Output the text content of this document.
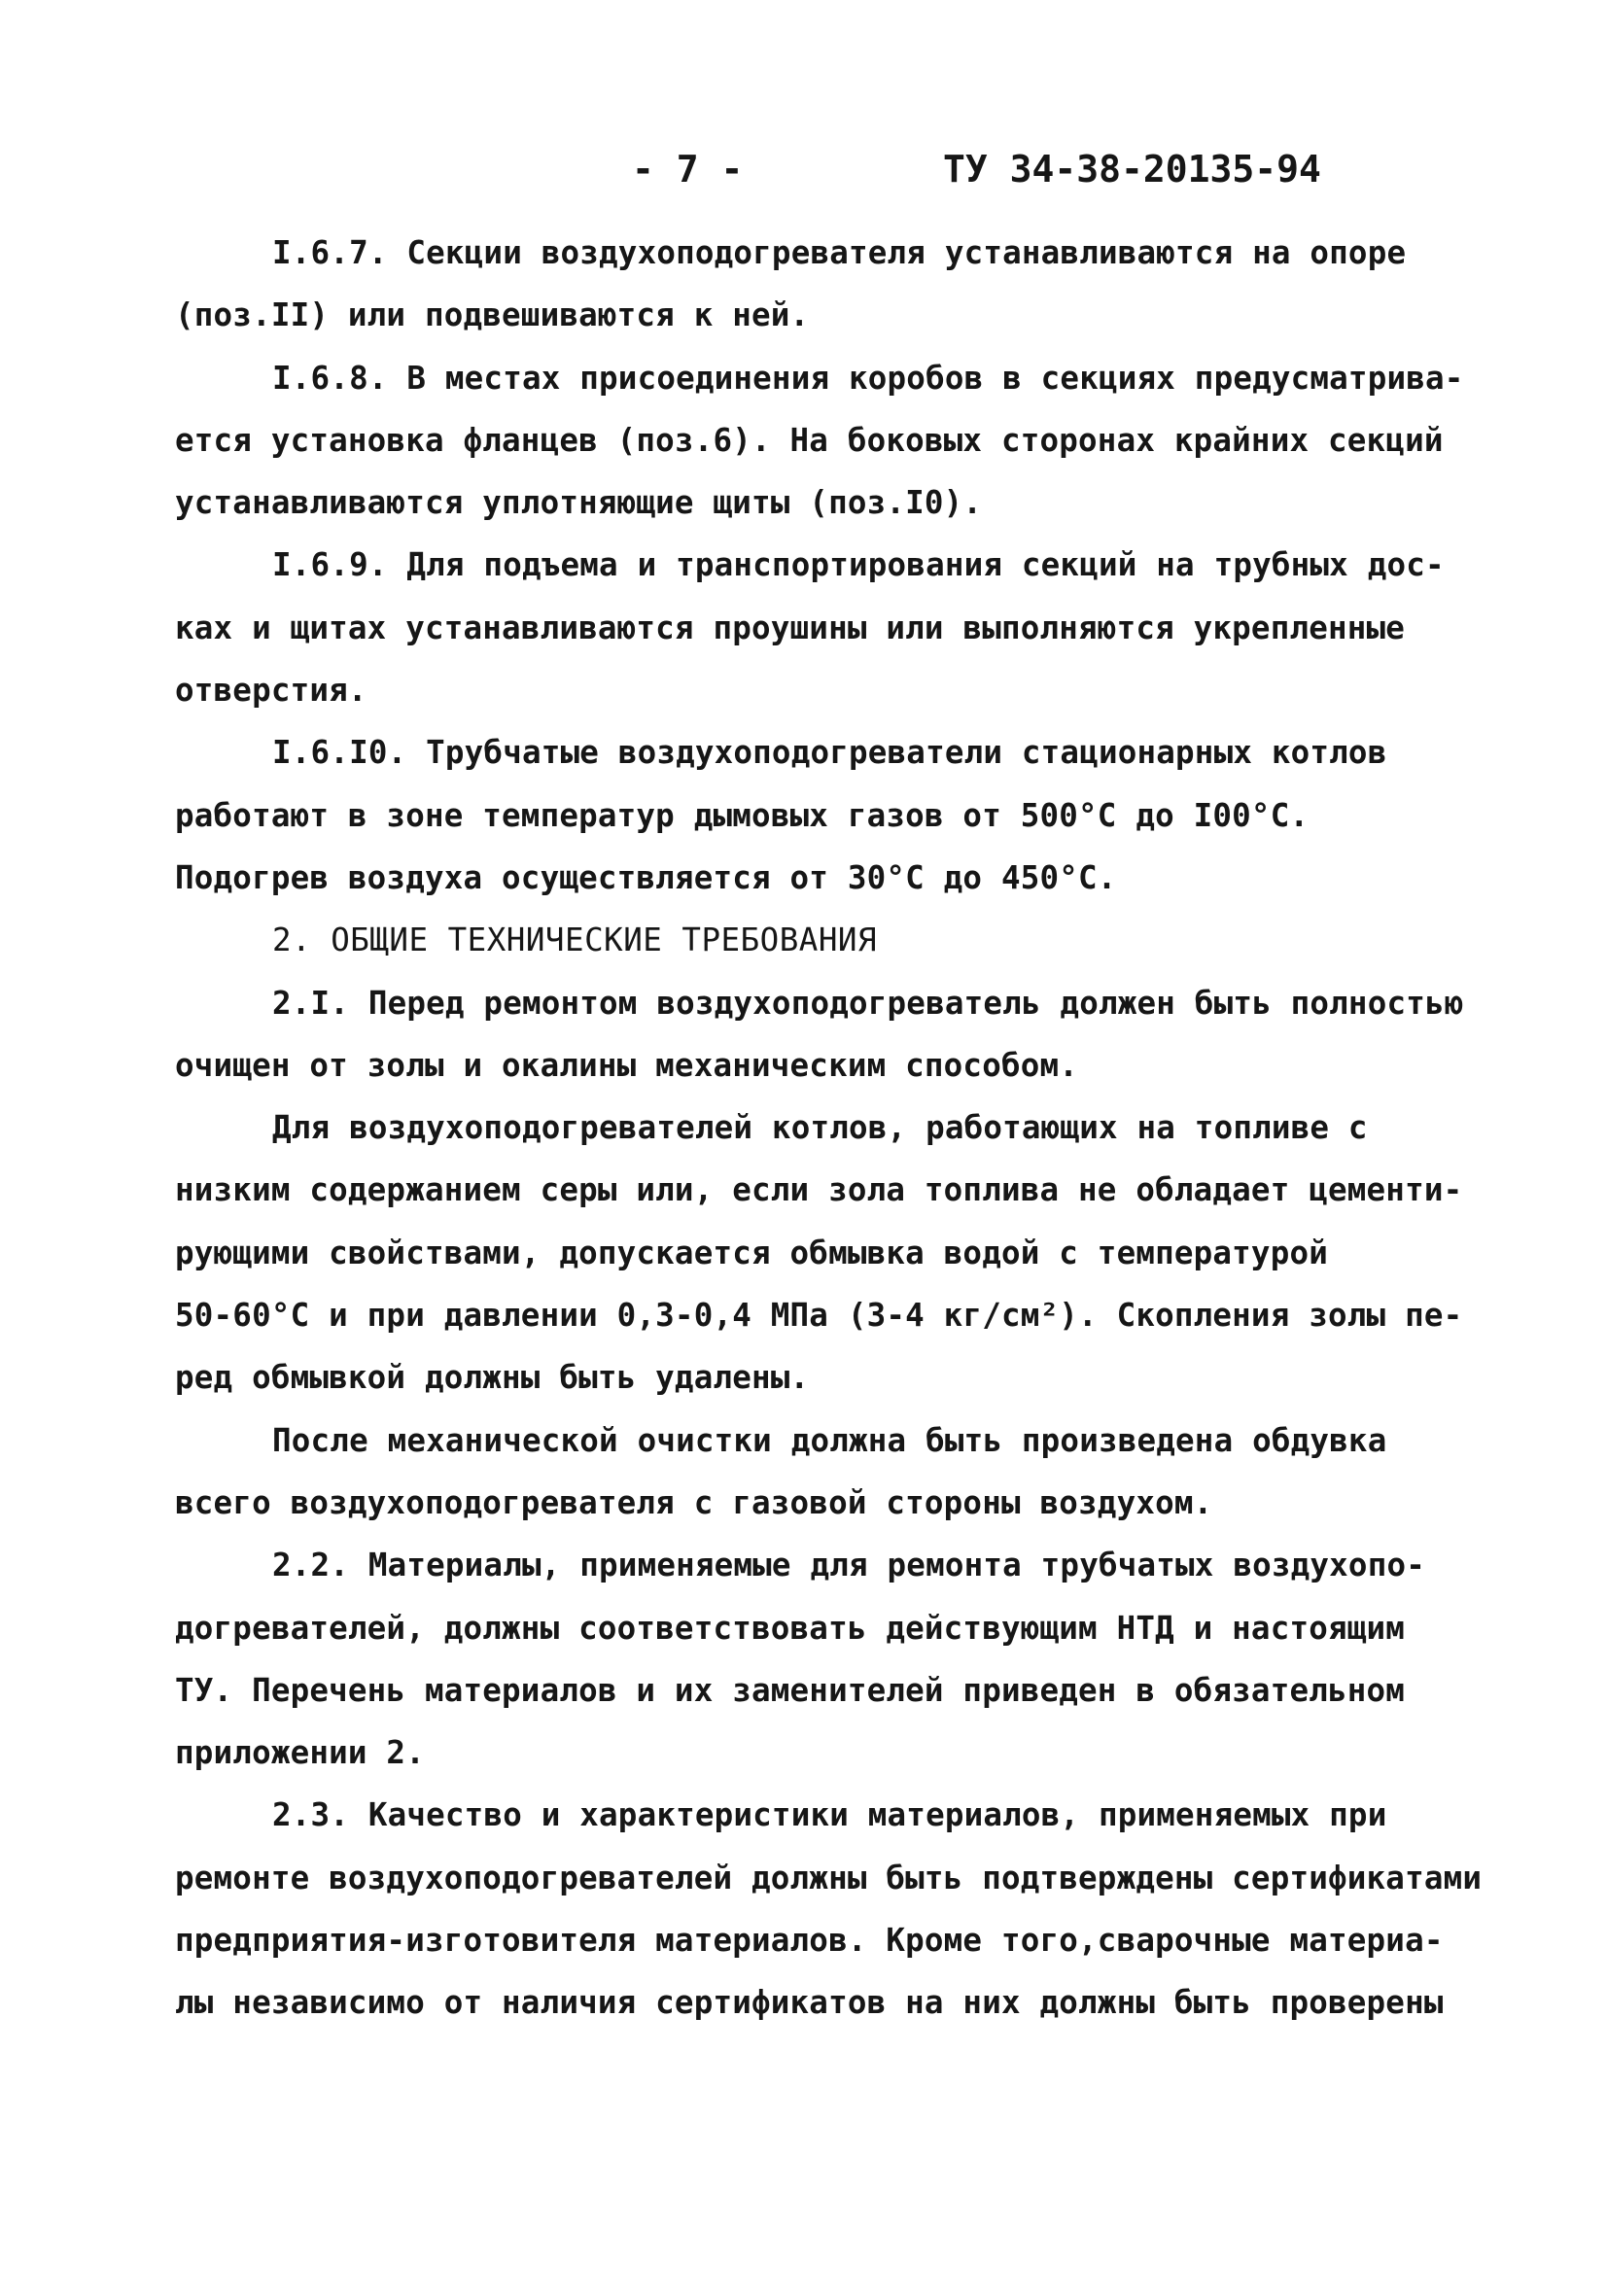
- 7 -	ТУ 34-38-20135-94
I.6.7. Секции воздухоподогревателя устанавливаются на опоре
(поз.II) или подвешиваются к ней.
I.6.8. В местах присоединения коробов в секциях предусматрива-
ется установка фланцев (поз.6). На боковых сторонах крайних секций
устанавливаются уплотняющие щиты (поз.I0).
I.6.9. Для подъема и транспортирования секций на трубных дос-
ках и щитах устанавливаются проушины или выполняются укрепленные
отверстия.
I.6.I0. Трубчатые воздухоподогреватели стационарных котлов
работают в зоне температур дымовых газов от 500°С до I00°С.
Подогрев воздуха осуществляется от 30°С до 450°С.
2. ОБЩИЕ ТЕХНИЧЕСКИЕ ТРЕБОВАНИЯ
2.I. Перед ремонтом воздухоподогреватель должен быть полностью
очищен от золы и окалины механическим способом.
Для воздухоподогревателей котлов, работающих на топливе с
низким содержанием серы или, если зола топлива не обладает цементи-
рующими свойствами, допускается обмывка водой с температурой
50-60°С и при давлении 0,3-0,4 МПа (3-4 кг/см²). Скопления золы пе-
ред обмывкой должны быть удалены.
После механической очистки должна быть произведена обдувка
всего воздухоподогревателя с газовой стороны воздухом.
2.2. Материалы, применяемые для ремонта трубчатых воздухопо-
догревателей, должны соответствовать действующим НТД и настоящим
ТУ. Перечень материалов и их заменителей приведен в обязательном
приложении 2.
2.3. Качество и характеристики материалов, применяемых при
ремонте воздухоподогревателей должны быть подтверждены сертификатами
предприятия-изготовителя материалов. Кроме того,сварочные материа-
лы независимо от наличия сертификатов на них должны быть проверены
